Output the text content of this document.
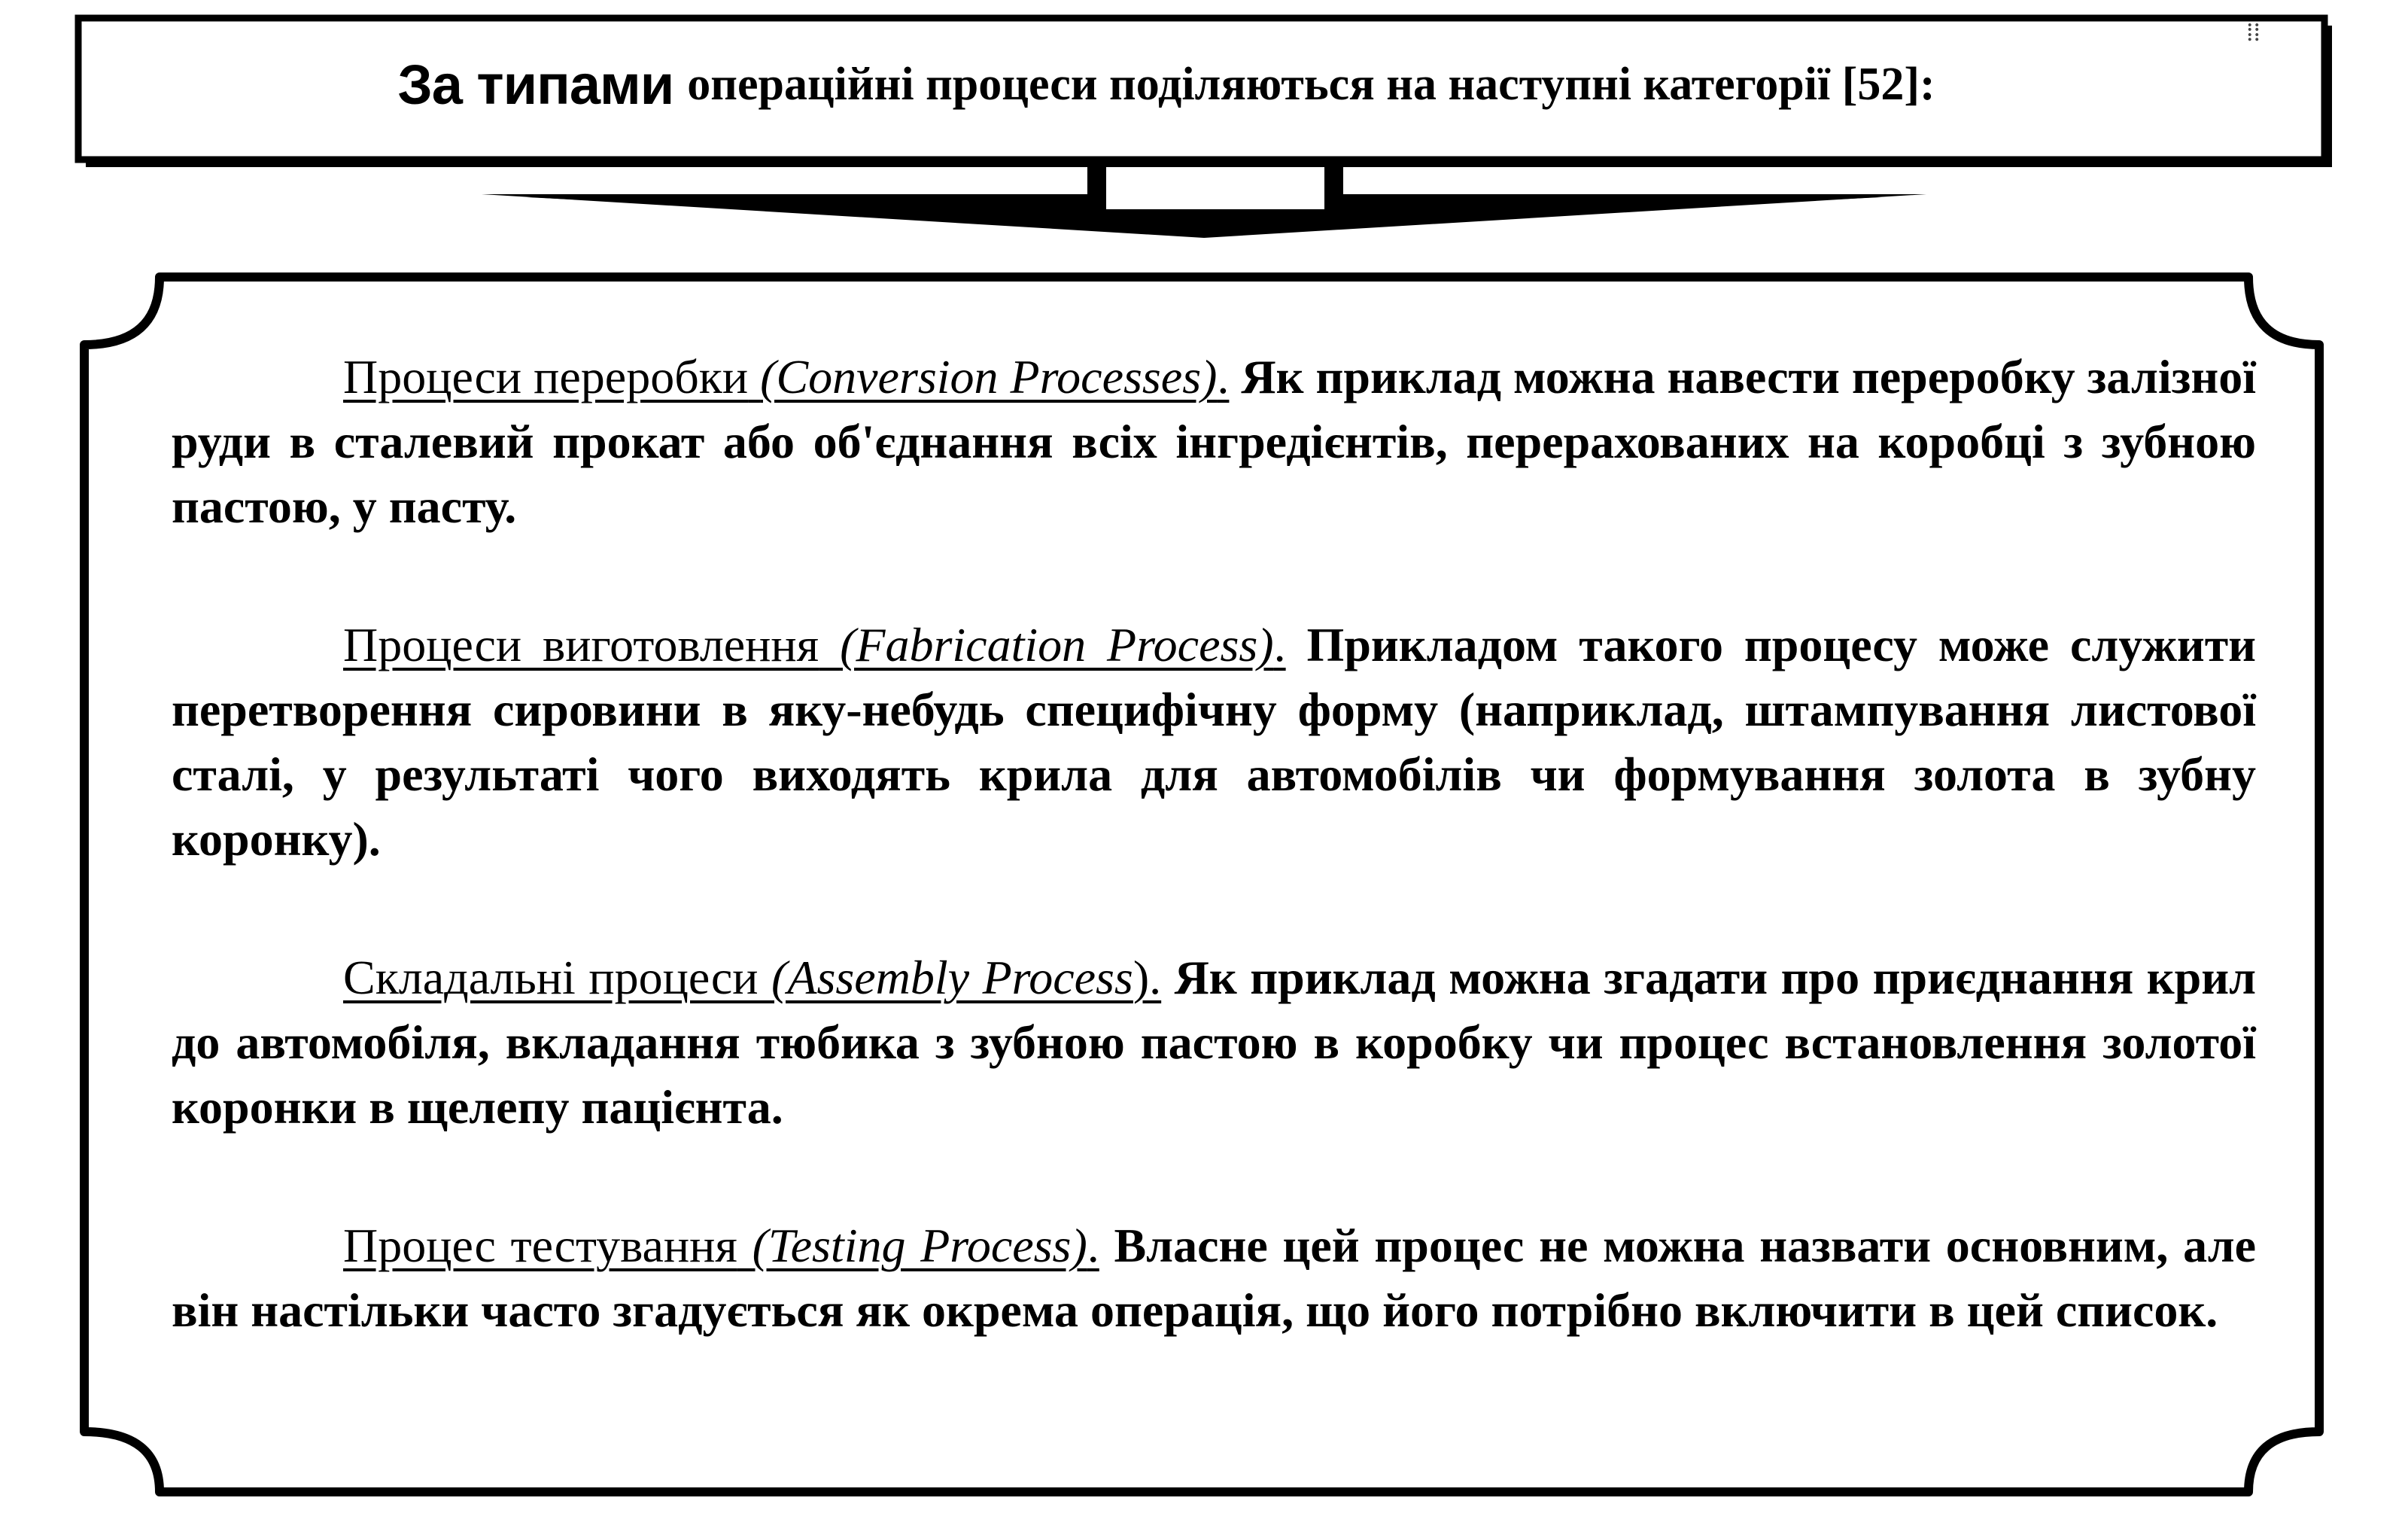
За типами операційні процеси поділяються на наступні категорії [52]:
⁞⁞

Процеси переробки (Conversion Processes). Як приклад можна навести переробку залізної руди в сталевий прокат або об'єднання всіх інгредієнтів, перерахованих на коробці з зубною пастою, у пасту.

Процеси виготовлення (Fabrication Process). Прикладом такого процесу може служити перетворення сировини в яку-небудь специфічну форму (наприклад, штампування листової сталі, у результаті чого виходять крила для автомобілів чи формування золота в зубну коронку).

Складальні процеси (Assembly Process). Як приклад можна згадати про приєднання крил до автомобіля, вкладання тюбика з зубною пастою в коробку чи процес встановлення золотої коронки в щелепу пацієнта.

Процес тестування (Testing Process). Власне цей процес не можна назвати основним, але він настільки часто згадується як окрема операція, що його потрібно включити в цей список.
